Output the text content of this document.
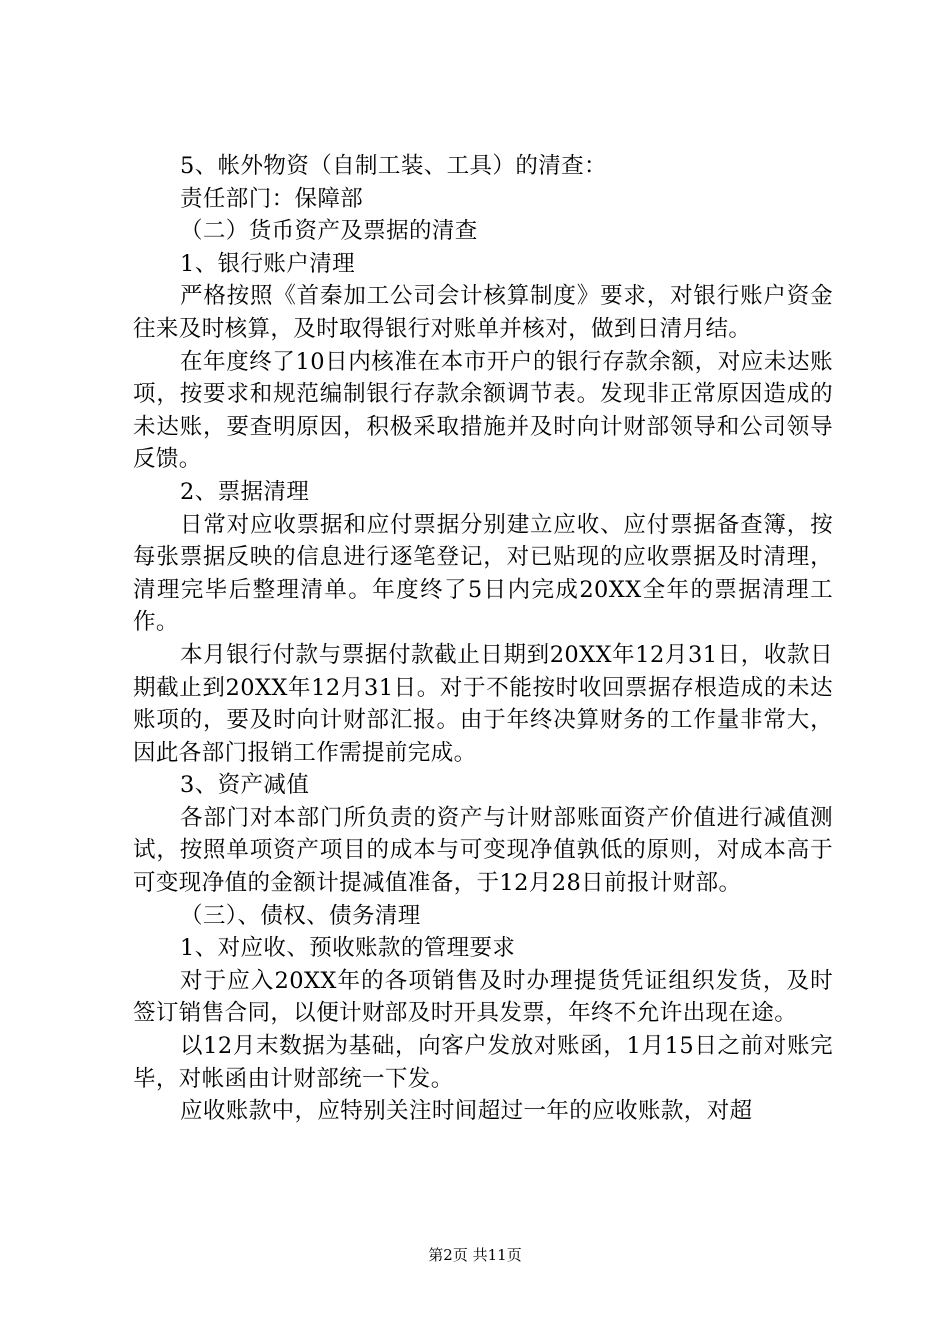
5、帐外物资（自制工装、工具）的清查：

责任部门：保障部

（二）货币资产及票据的清查

1、银行账户清理

严格按照《首秦加工公司会计核算制度》要求，对银行账户资金往来及时核算，及时取得银行对账单并核对，做到日清月结。

在年度终了10日内核准在本市开户的银行存款余额，对应未达账项，按要求和规范编制银行存款余额调节表。发现非正常原因造成的未达账，要查明原因，积极采取措施并及时向计财部领导和公司领导反馈。

2、票据清理

日常对应收票据和应付票据分别建立应收、应付票据备查簿，按每张票据反映的信息进行逐笔登记，对已贴现的应收票据及时清理，清理完毕后整理清单。年度终了5日内完成20XX全年的票据清理工作。

本月银行付款与票据付款截止日期到20XX年12月31日，收款日期截止到20XX年12月31日。对于不能按时收回票据存根造成的未达账项的，要及时向计财部汇报。由于年终决算财务的工作量非常大，因此各部门报销工作需提前完成。

3、资产减值

各部门对本部门所负责的资产与计财部账面资产价值进行减值测试，按照单项资产项目的成本与可变现净值孰低的原则，对成本高于可变现净值的金额计提减值准备，于12月28日前报计财部。

（三）、债权、债务清理

1、对应收、预收账款的管理要求

对于应入20XX年的各项销售及时办理提货凭证组织发货，及时签订销售合同，以便计财部及时开具发票，年终不允许出现在途。

以12月末数据为基础，向客户发放对账函，1月15日之前对账完毕，对帐函由计财部统一下发。

应收账款中，应特别关注时间超过一年的应收账款，对超

第2页 共11页
